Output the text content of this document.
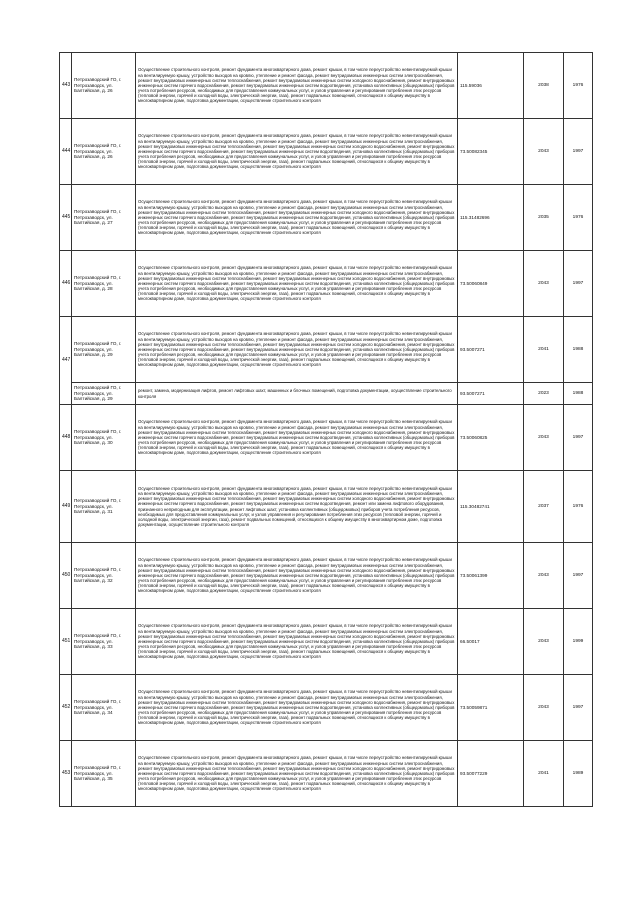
443	Петрозаводский ГО, г. Петрозаводск, ул. Балтийская, д. 26	Осуществление строительного контроля, ремонт фундамента многоквартирного дома, ремонт крыши, в том числе переустройство невентилируемой крыши на вентилируемую крышу, устройство выходов на кровлю, утепление и ремонт фасада, ремонт внутридомовых инженерных систем электроснабжения, ремонт внутридомовых инженерных систем теплоснабжения, ремонт внутридомовых инженерных систем холодного водоснабжения, ремонт внутридомовых инженерных систем горячего водоснабжения, ремонт внутридомовых инженерных систем водоотведения, установка коллективных (общедомовых) приборов учета потребления ресурсов, необходимых для предоставления коммунальных услуг, и узлов управления и регулирования потребления этих ресурсов (тепловой энергии, горячей и холодной воды, электрической энергии, газа), ремонт подвальных помещений, относящихся к общему имуществу в многоквартирном доме, подготовка документации, осуществление строительного контроля	115.59036	2038	1976
444	Петрозаводский ГО, г. Петрозаводск, ул. Балтийская, д. 26	Осуществление строительного контроля, ремонт фундамента многоквартирного дома, ремонт крыши, в том числе переустройство невентилируемой крыши на вентилируемую крышу, устройство выходов на кровлю, утепление и ремонт фасада, ремонт внутридомовых инженерных систем электроснабжения, ремонт внутридомовых инженерных систем теплоснабжения, ремонт внутридомовых инженерных систем холодного водоснабжения, ремонт внутридомовых инженерных систем горячего водоснабжения, ремонт внутридомовых инженерных систем водоотведения, установка коллективных (общедомовых) приборов учета потребления ресурсов, необходимых для предоставления коммунальных услуг, и узлов управления и регулирования потребления этих ресурсов (тепловой энергии, горячей и холодной воды, электрической энергии, газа), ремонт подвальных помещений, относящихся к общему имуществу в многоквартирном доме, подготовка документации, осуществление строительного контроля	73.50082345	2043	1997
445	Петрозаводский ГО, г. Петрозаводск, ул. Балтийская, д. 27	Осуществление строительного контроля, ремонт фундамента многоквартирного дома, ремонт крыши, в том числе переустройство невентилируемой крыши на вентилируемую крышу, устройство выходов на кровлю, утепление и ремонт фасада, ремонт внутридомовых инженерных систем электроснабжения, ремонт внутридомовых инженерных систем теплоснабжения, ремонт внутридомовых инженерных систем холодного водоснабжения, ремонт внутридомовых инженерных систем горячего водоснабжения, ремонт внутридомовых инженерных систем водоотведения, установка коллективных (общедомовых) приборов учета потребления ресурсов, необходимых для предоставления коммунальных услуг, и узлов управления и регулирования потребления этих ресурсов (тепловой энергии, горячей и холодной воды, электрической энергии, газа), ремонт подвальных помещений, относящихся к общему имуществу в многоквартирном доме, подготовка документации, осуществление строительного контроля	115.31482696	2035	1976
446	Петрозаводский ГО, г. Петрозаводск, ул. Балтийская, д. 28	Осуществление строительного контроля, ремонт фундамента многоквартирного дома, ремонт крыши, в том числе переустройство невентилируемой крыши на вентилируемую крышу, устройство выходов на кровлю, утепление и ремонт фасада, ремонт внутридомовых инженерных систем электроснабжения, ремонт внутридомовых инженерных систем теплоснабжения, ремонт внутридомовых инженерных систем холодного водоснабжения, ремонт внутридомовых инженерных систем горячего водоснабжения, ремонт внутридомовых инженерных систем водоотведения, установка коллективных (общедомовых) приборов учета потребления ресурсов, необходимых для предоставления коммунальных услуг, и узлов управления и регулирования потребления этих ресурсов (тепловой энергии, горячей и холодной воды, электрической энергии, газа), ремонт подвальных помещений, относящихся к общему имуществу в многоквартирном доме, подготовка документации, осуществление строительного контроля	73.50060849	2043	1997
447	Петрозаводский ГО, г. Петрозаводск, ул. Балтийская, д. 29	Осуществление строительного контроля, ремонт фундамента многоквартирного дома, ремонт крыши, в том числе переустройство невентилируемой крыши на вентилируемую крышу, устройство выходов на кровлю, утепление и ремонт фасада, ремонт внутридомовых инженерных систем электроснабжения, ремонт внутридомовых инженерных систем теплоснабжения, ремонт внутридомовых инженерных систем холодного водоснабжения, ремонт внутридомовых инженерных систем горячего водоснабжения, ремонт внутридомовых инженерных систем водоотведения, установка коллективных (общедомовых) приборов учета потребления ресурсов, необходимых для предоставления коммунальных услуг, и узлов управления и регулирования потребления этих ресурсов (тепловой энергии, горячей и холодной воды, электрической энергии, газа), ремонт подвальных помещений, относящихся к общему имуществу в многоквартирном доме, подготовка документации, осуществление строительного контроля	93.5007271	2041	1988
	Петрозаводский ГО, г. Петрозаводск, ул. Балтийская, д. 29	ремонт, замена, модернизация лифтов, ремонт лифтовых шахт, машинных и блочных помещений, подготовка документации, осуществление строительного контроля	93.5007271	2023	1988
448	Петрозаводский ГО, г. Петрозаводск, ул. Балтийская, д. 30	Осуществление строительного контроля, ремонт фундамента многоквартирного дома, ремонт крыши, в том числе переустройство невентилируемой крыши на вентилируемую крышу, устройство выходов на кровлю, утепление и ремонт фасада, ремонт внутридомовых инженерных систем электроснабжения, ремонт внутридомовых инженерных систем теплоснабжения, ремонт внутридомовых инженерных систем холодного водоснабжения, ремонт внутридомовых инженерных систем горячего водоснабжения, ремонт внутридомовых инженерных систем водоотведения, установка коллективных (общедомовых) приборов учета потребления ресурсов, необходимых для предоставления коммунальных услуг, и узлов управления и регулирования потребления этих ресурсов (тепловой энергии, горячей и холодной воды, электрической энергии, газа), ремонт подвальных помещений, относящихся к общему имуществу в многоквартирном доме, подготовка документации, осуществление строительного контроля	73.50060825	2043	1997
449	Петрозаводский ГО, г. Петрозаводск, ул. Балтийская, д. 31	Осуществление строительного контроля, ремонт фундамента многоквартирного дома, ремонт крыши, в том числе переустройство невентилируемой крыши на вентилируемую крышу, устройство выходов на кровлю, утепление и ремонт фасада, ремонт внутридомовых инженерных систем электроснабжения, ремонт внутридомовых инженерных систем теплоснабжения, ремонт внутридомовых инженерных систем холодного водоснабжения, ремонт внутридомовых инженерных систем горячего водоснабжения, ремонт внутридомовых инженерных систем водоотведения, ремонт или замена лифтового оборудования, признанного непригодным для эксплуатации, ремонт лифтовых шахт, установка коллективных (общедомовых) приборов учета потребления ресурсов, необходимых для предоставления коммунальных услуг, и узлов управления и регулирования потребления этих ресурсов (тепловой энергии, горячей и холодной воды, электрической энергии, газа), ремонт подвальных помещений, относящихся к общему имуществу в многоквартирном доме, подготовка документации, осуществление строительного контроля	115.30482741	2037	1976
450	Петрозаводский ГО, г. Петрозаводск, ул. Балтийская, д. 32	Осуществление строительного контроля, ремонт фундамента многоквартирного дома, ремонт крыши, в том числе переустройство невентилируемой крыши на вентилируемую крышу, устройство выходов на кровлю, утепление и ремонт фасада, ремонт внутридомовых инженерных систем электроснабжения, ремонт внутридомовых инженерных систем теплоснабжения, ремонт внутридомовых инженерных систем холодного водоснабжения, ремонт внутридомовых инженерных систем горячего водоснабжения, ремонт внутридомовых инженерных систем водоотведения, установка коллективных (общедомовых) приборов учета потребления ресурсов, необходимых для предоставления коммунальных услуг, и узлов управления и регулирования потребления этих ресурсов (тепловой энергии, горячей и холодной воды, электрической энергии, газа), ремонт подвальных помещений, относящихся к общему имуществу в многоквартирном доме, подготовка документации, осуществление строительного контроля	73.50061399	2043	1997
451	Петрозаводский ГО, г. Петрозаводск, ул. Балтийская, д. 33	Осуществление строительного контроля, ремонт фундамента многоквартирного дома, ремонт крыши, в том числе переустройство невентилируемой крыши на вентилируемую крышу, устройство выходов на кровлю, утепление и ремонт фасада, ремонт внутридомовых инженерных систем электроснабжения, ремонт внутридомовых инженерных систем теплоснабжения, ремонт внутридомовых инженерных систем холодного водоснабжения, ремонт внутридомовых инженерных систем горячего водоснабжения, ремонт внутридомовых инженерных систем водоотведения, установка коллективных (общедомовых) приборов учета потребления ресурсов, необходимых для предоставления коммунальных услуг, и узлов управления и регулирования потребления этих ресурсов (тепловой энергии, горячей и холодной воды, электрической энергии, газа), ремонт подвальных помещений, относящихся к общему имуществу в многоквартирном доме, подготовка документации, осуществление строительного контроля	66.50017	2043	1999
452	Петрозаводский ГО, г. Петрозаводск, ул. Балтийская, д. 34	Осуществление строительного контроля, ремонт фундамента многоквартирного дома, ремонт крыши, в том числе переустройство невентилируемой крыши на вентилируемую крышу, устройство выходов на кровлю, утепление и ремонт фасада, ремонт внутридомовых инженерных систем электроснабжения, ремонт внутридомовых инженерных систем теплоснабжения, ремонт внутридомовых инженерных систем холодного водоснабжения, ремонт внутридомовых инженерных систем горячего водоснабжения, ремонт внутридомовых инженерных систем водоотведения, установка коллективных (общедомовых) приборов учета потребления ресурсов, необходимых для предоставления коммунальных услуг, и узлов управления и регулирования потребления этих ресурсов (тепловой энергии, горячей и холодной воды, электрической энергии, газа), ремонт подвальных помещений, относящихся к общему имуществу в многоквартирном доме, подготовка документации, осуществление строительного контроля	73.50059871	2043	1997
453	Петрозаводский ГО, г. Петрозаводск, ул. Балтийская, д. 35	Осуществление строительного контроля, ремонт фундамента многоквартирного дома, ремонт крыши, в том числе переустройство невентилируемой крыши на вентилируемую крышу, устройство выходов на кровлю, утепление и ремонт фасада, ремонт внутридомовых инженерных систем электроснабжения, ремонт внутридомовых инженерных систем теплоснабжения, ремонт внутридомовых инженерных систем холодного водоснабжения, ремонт внутридомовых инженерных систем горячего водоснабжения, ремонт внутридомовых инженерных систем водоотведения, установка коллективных (общедомовых) приборов учета потребления ресурсов, необходимых для предоставления коммунальных услуг, и узлов управления и регулирования потребления этих ресурсов (тепловой энергии, горячей и холодной воды, электрической энергии, газа), ремонт подвальных помещений, относящихся к общему имуществу в многоквартирном доме, подготовка документации, осуществление строительного контроля	93.50077229	2041	1989
